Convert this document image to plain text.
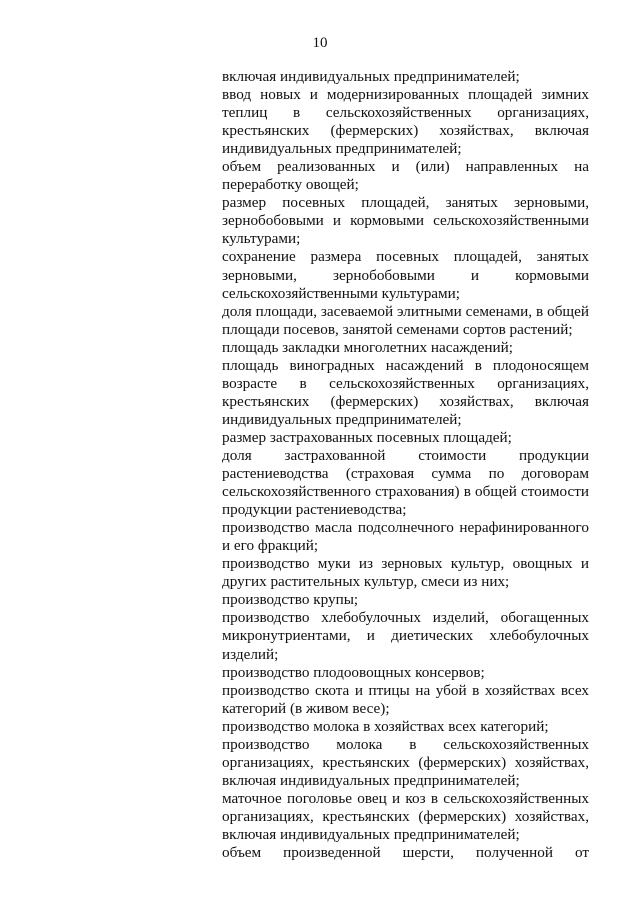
10

включая индивидуальных предпринимателей;

ввод новых и модернизированных площадей зимних теплиц в сельскохозяйственных организациях, крестьянских (фермерских) хозяйствах, включая индивидуальных предпринимателей;

объем реализованных и (или) направленных на переработку овощей;

размер посевных площадей, занятых зерновыми, зернобобовыми и кормовыми сельскохозяйственными культурами;

сохранение размера посевных площадей, занятых зерновыми, зернобобовыми и кормовыми сельскохозяйственными культурами;

доля площади, засеваемой элитными семенами, в общей площади посевов, занятой семенами сортов растений;

площадь закладки многолетних насаждений;

площадь виноградных насаждений в плодоносящем возрасте в сельскохозяйственных организациях, крестьянских (фермерских) хозяйствах, включая индивидуальных предпринимателей;

размер застрахованных посевных площадей;

доля застрахованной стоимости продукции растениеводства (страховая сумма по договорам сельскохозяйственного страхования) в общей стоимости продукции растениеводства;

производство масла подсолнечного нерафинированного и его фракций;

производство муки из зерновых культур, овощных и других растительных культур, смеси из них;

производство крупы;

производство хлебобулочных изделий, обогащенных микронутриентами, и диетических хлебобулочных изделий;

производство плодоовощных консервов;

производство скота и птицы на убой в хозяйствах всех категорий (в живом весе);

производство молока в хозяйствах всех категорий;

производство молока в сельскохозяйственных организациях, крестьянских (фермерских) хозяйствах, включая индивидуальных предпринимателей;

маточное поголовье овец и коз в сельскохозяйственных организациях, крестьянских (фермерских) хозяйствах, включая индивидуальных предпринимателей;

объем произведенной шерсти, полученной от
